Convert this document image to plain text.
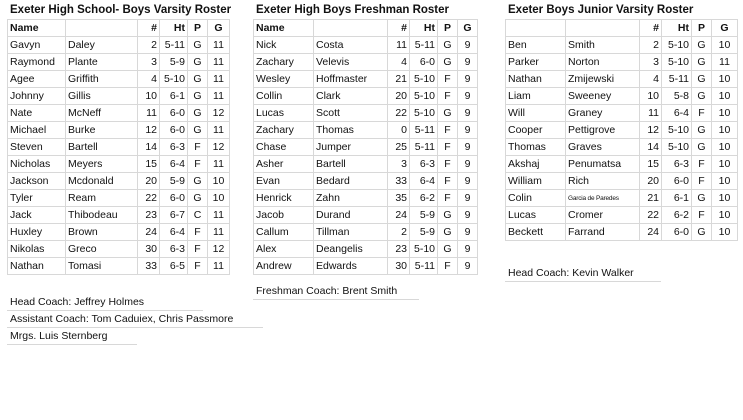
Exeter High School- Boys Varsity Roster
Name		#	Ht	P	G
Gavyn	Daley	2	5-11	G	11
Raymond	Plante	3	5-9	G	11
Agee	Griffith	4	5-10	G	11
Johnny	Gillis	10	6-1	G	11
Nate	McNeff	11	6-0	G	12
Michael	Burke	12	6-0	G	11
Steven	Bartell	14	6-3	F	12
Nicholas	Meyers	15	6-4	F	11
Jackson	Mcdonald	20	5-9	G	10
Tyler	Ream	22	6-0	G	10
Jack	Thibodeau	23	6-7	C	11
Huxley	Brown	24	6-4	F	11
Nikolas	Greco	30	6-3	F	12
Nathan	Tomasi	33	6-5	F	11
Exeter High Boys Freshman Roster
Name		#	Ht	P	G
Nick	Costa	11	5-11	G	9
Zachary	Velevis	4	6-0	G	9
Wesley	Hoffmaster	21	5-10	F	9
Collin	Clark	20	5-10	F	9
Lucas	Scott	22	5-10	G	9
Zachary	Thomas	0	5-11	F	9
Chase	Jumper	25	5-11	F	9
Asher	Bartell	3	6-3	F	9
Evan	Bedard	33	6-4	F	9
Henrick	Zahn	35	6-2	F	9
Jacob	Durand	24	5-9	G	9
Callum	Tillman	2	5-9	G	9
Alex	Deangelis	23	5-10	G	9
Andrew	Edwards	30	5-11	F	9
Exeter Boys Junior Varsity Roster
		#	Ht	P	G
Ben	Smith	2	5-10	G	10
Parker	Norton	3	5-10	G	11
Nathan	Zmijewski	4	5-11	G	10
Liam	Sweeney	10	5-8	G	10
Will	Graney	11	6-4	F	10
Cooper	Pettigrove	12	5-10	G	10
Thomas	Graves	14	5-10	G	10
Akshaj	Penumatsa	15	6-3	F	10
William	Rich	20	6-0	F	10
Colin	Garcia de Paredes	21	6-1	G	10
Lucas	Cromer	22	6-2	F	10
Beckett	Farrand	24	6-0	G	10
Head Coach: Jeffrey Holmes
Assistant Coach: Tom Caduiex, Chris Passmore
Mrgs. Luis Sternberg
Freshman Coach: Brent Smith
Head Coach: Kevin Walker
